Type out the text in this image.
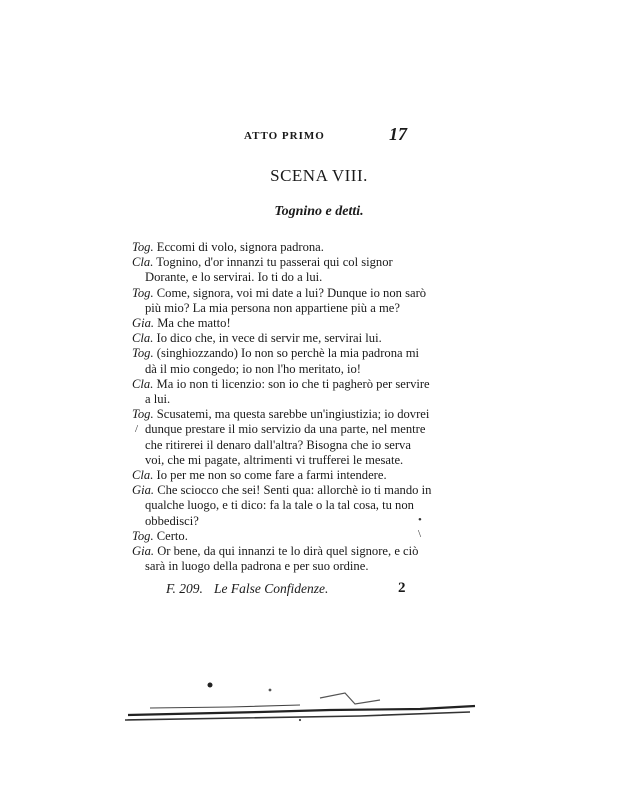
ATTO PRIMO	17
SCENA VIII.
Tognino e detti.

Tog. Eccomi di volo, signora padrona.

Cla. Tognino, d'or innanzi tu passerai qui col signor Dorante, e lo servirai. Io ti do a lui.

Tog. Come, signora, voi mi date a lui? Dunque io non sarò più mio? La mia persona non appartiene più a me?

Gia. Ma che matto!

Cla. Io dico che, in vece di servir me, servirai lui.

Tog. (singhiozzando) Io non so perchè la mia padrona mi dà il mio congedo; io non l'ho meritato, io!

Cla. Ma io non ti licenzio: son io che ti pagherò per servire a lui.

Tog. Scusatemi, ma questa sarebbe un'ingiustizia; io dovrei dunque prestare il mio servizio da una parte, nel mentre che ritirerei il denaro dall'altra? Bisogna che io serva voi, che mi pagate, altrimenti vi trufferei le mesate.

Cla. Io per me non so come fare a farmi intendere.

Gia. Che sciocco che sei! Senti qua: allorchè io ti mando in qualche luogo, e ti dico: fa la tale o la tal cosa, tu non obbedisci?

Tog. Certo.

Gia. Or bene, da qui innanzi te lo dirà quel signore, e ciò sarà in luogo della padrona e per suo ordine.

F. 209. Le False Confidenze.	2
/
•
\
